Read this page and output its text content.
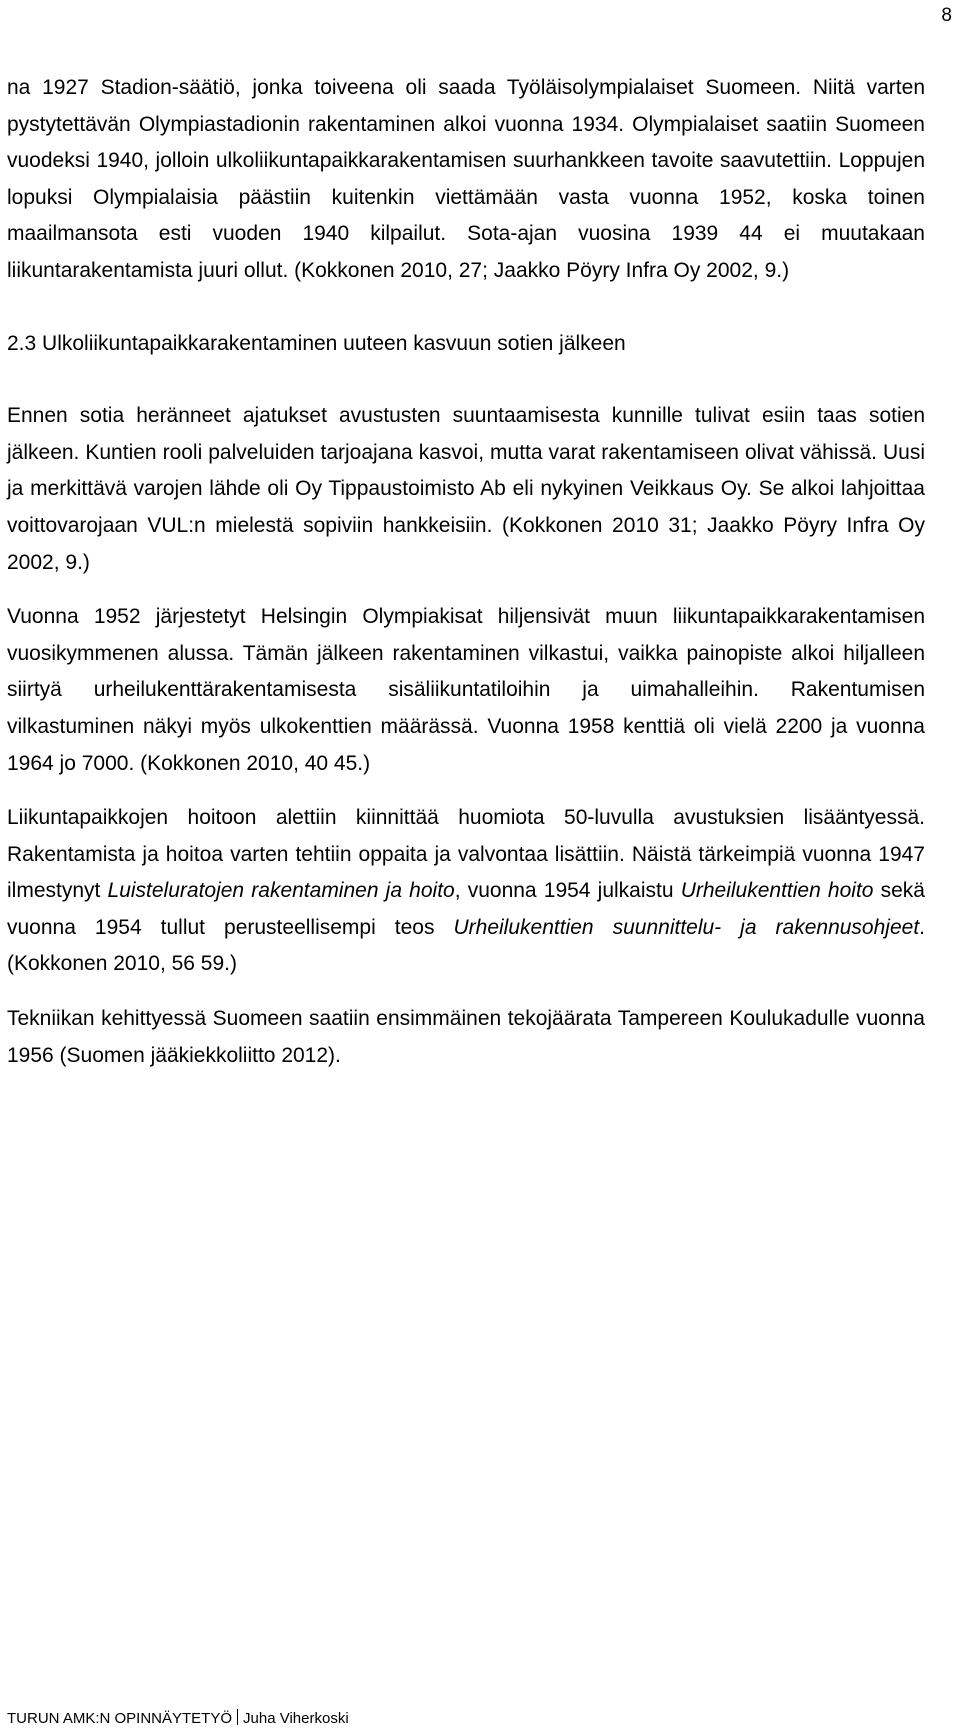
8

na 1927 Stadion-säätiö, jonka toiveena oli saada Työläisolympialaiset Suomeen. Niitä varten pystytettävän Olympiastadionin rakentaminen alkoi vuonna 1934. Olympialaiset saatiin Suomeen vuodeksi 1940, jolloin ulkoliikuntapaikkarakentamisen suurhankkeen tavoite saavutettiin. Loppujen lopuksi Olympialaisia päästiin kuitenkin viettämään vasta vuonna 1952, koska toinen maailmansota esti vuoden 1940 kilpailut. Sota-ajan vuosina 1939 44 ei muutakaan liikuntarakentamista juuri ollut. (Kokkonen 2010, 27; Jaakko Pöyry Infra Oy 2002, 9.)

2.3 Ulkoliikuntapaikkarakentaminen uuteen kasvuun sotien jälkeen

Ennen sotia heränneet ajatukset avustusten suuntaamisesta kunnille tulivat esiin taas sotien jälkeen. Kuntien rooli palveluiden tarjoajana kasvoi, mutta varat rakentamiseen olivat vähissä. Uusi ja merkittävä varojen lähde oli Oy Tippaustoimisto Ab eli nykyinen Veikkaus Oy. Se alkoi lahjoittaa voittovarojaan VUL:n mielestä sopiviin hankkeisiin. (Kokkonen 2010 31; Jaakko Pöyry Infra Oy 2002, 9.)

Vuonna 1952 järjestetyt Helsingin Olympiakisat hiljensivät muun liikuntapaikkarakentamisen vuosikymmenen alussa. Tämän jälkeen rakentaminen vilkastui, vaikka painopiste alkoi hiljalleen siirtyä urheilukenttärakentamisesta sisäliikuntatiloihin ja uimahalleihin. Rakentumisen vilkastuminen näkyi myös ulkokenttien määrässä. Vuonna 1958 kenttiä oli vielä 2200 ja vuonna 1964 jo 7000. (Kokkonen 2010, 40 45.)

Liikuntapaikkojen hoitoon alettiin kiinnittää huomiota 50-luvulla avustuksien lisääntyessä. Rakentamista ja hoitoa varten tehtiin oppaita ja valvontaa lisättiin. Näistä tärkeimpiä vuonna 1947 ilmestynyt Luisteluratojen rakentaminen ja hoito, vuonna 1954 julkaistu Urheilukenttien hoito sekä vuonna 1954 tullut perusteellisempi teos Urheilukenttien suunnittelu- ja rakennusohjeet. (Kokkonen 2010, 56 59.)

Tekniikan kehittyessä Suomeen saatiin ensimmäinen tekojäärata Tampereen Koulukadulle vuonna 1956 (Suomen jääkiekkoliitto 2012).

TURUN AMK:N OPINNÄYTETYÖ Juha Viherkoski
